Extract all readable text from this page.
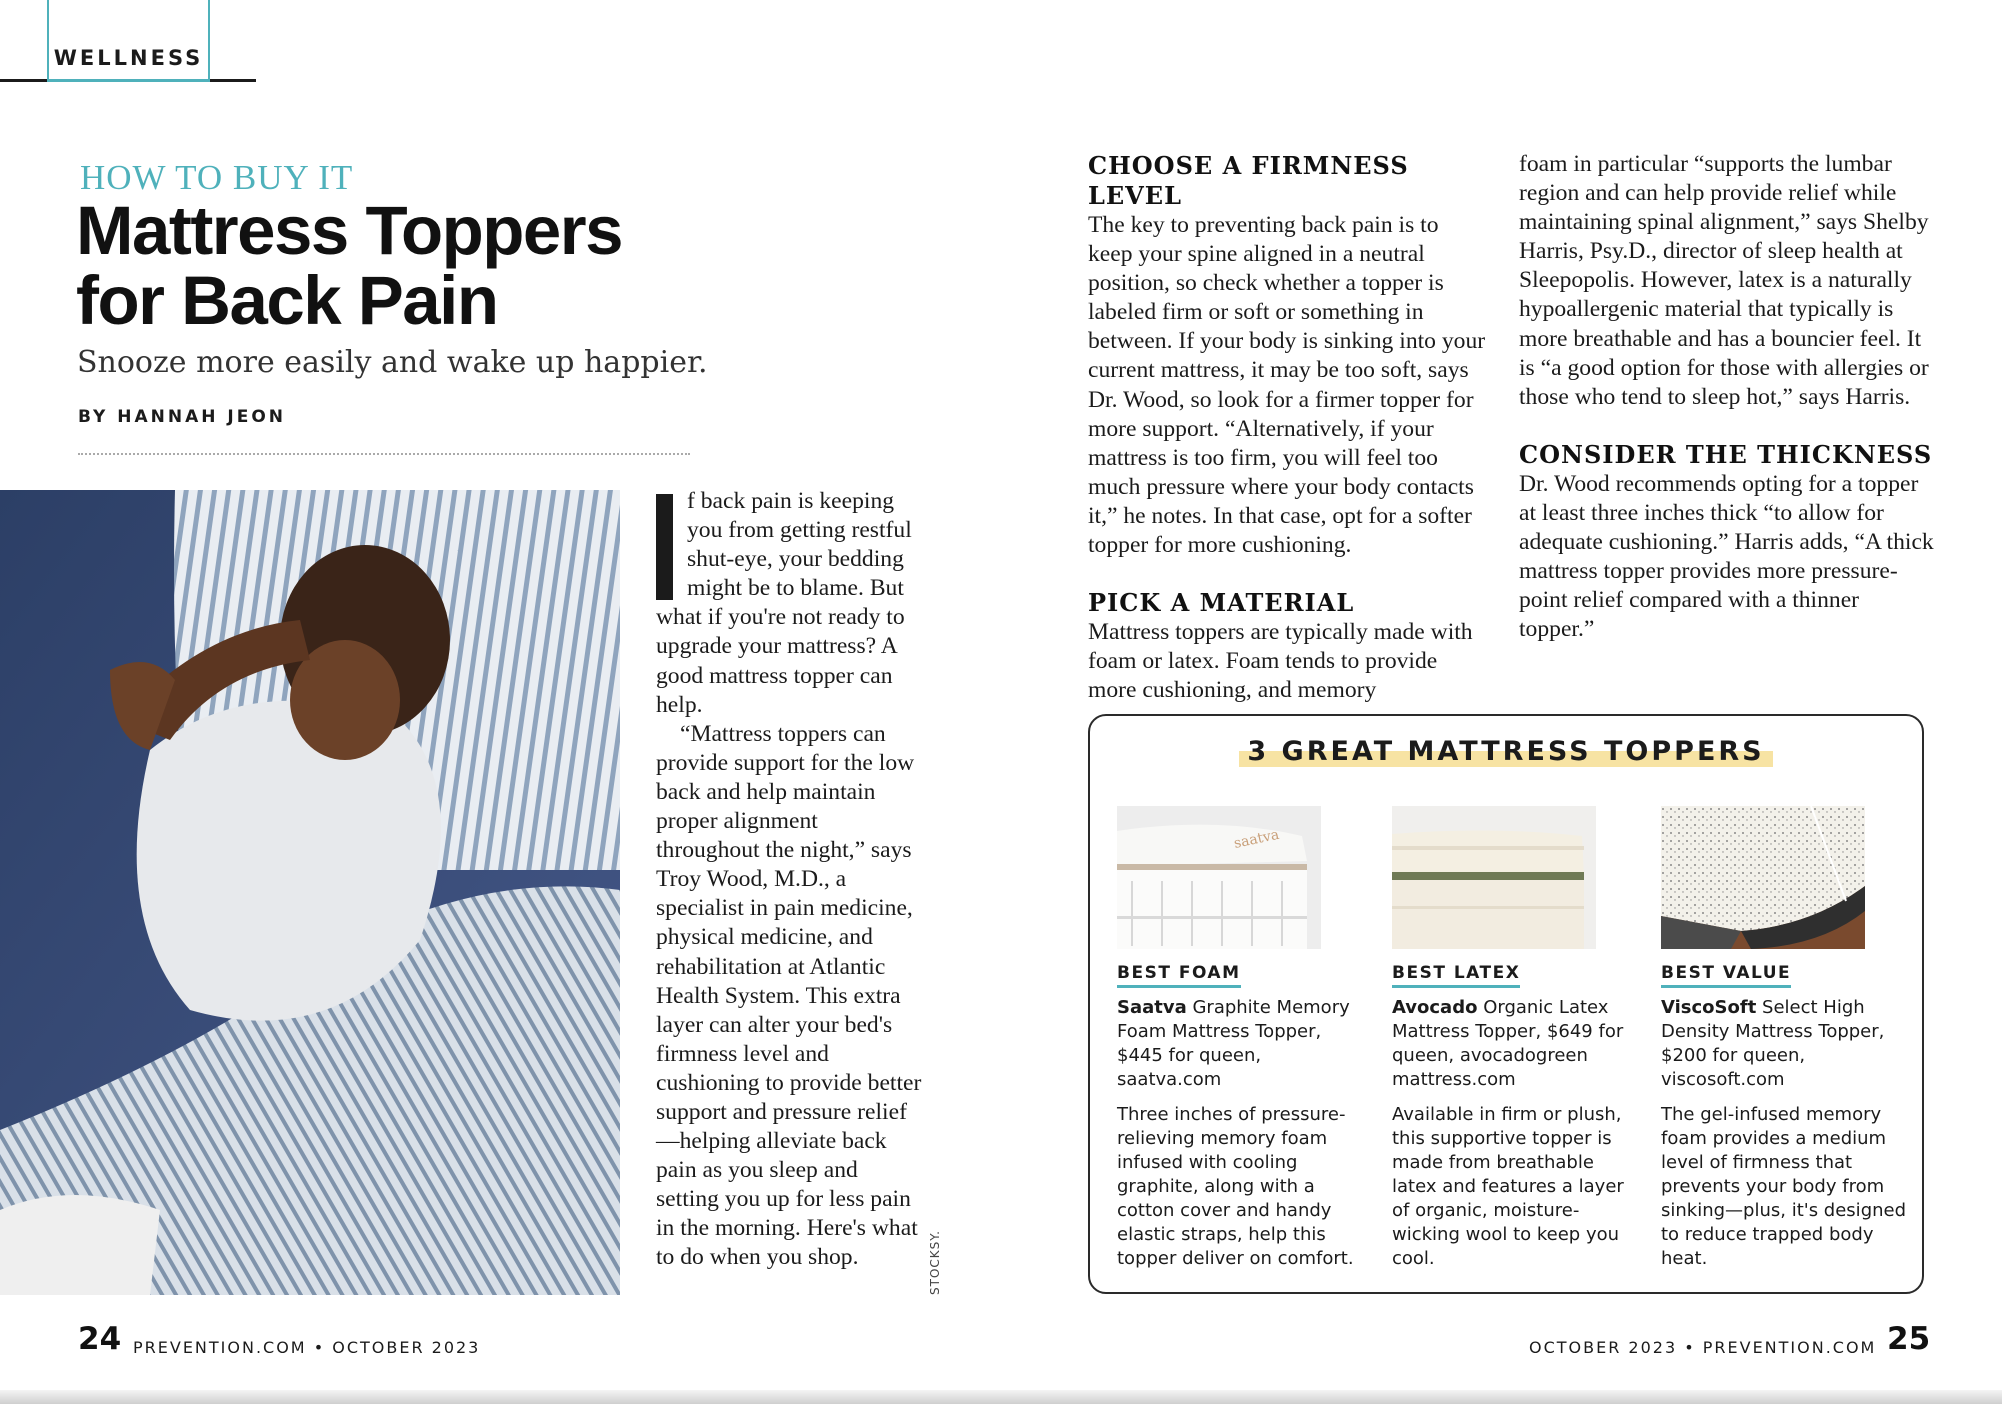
WELLNESS
HOW TO BUY IT
Mattress Toppers for Back Pain
Snooze more easily and wake up happier.
BY HANNAH JEON
STOCKSY.

f back pain is keeping you from getting restful shut-eye, your bedding might be to blame. But what if you're not ready to upgrade your mattress? A good mattress topper can help.

“Mattress toppers can provide support for the low back and help maintain proper alignment throughout the night,” says Troy Wood, M.D., a specialist in pain medicine, physical medicine, and rehabilitation at Atlantic Health System. This extra layer can alter your bed's firmness level and cushioning to provide better support and pressure relief—helping alleviate back pain as you sleep and setting you up for less pain in the morning. Here's what to do when you shop.

CHOOSE A FIRMNESS LEVEL

The key to preventing back pain is to keep your spine aligned in a neutral position, so check whether a topper is labeled firm or soft or something in between. If your body is sinking into your current mattress, it may be too soft, says Dr. Wood, so look for a firmer topper for more support. “Alternatively, if your mattress is too firm, you will feel too much pressure where your body contacts it,” he notes. In that case, opt for a softer topper for more cushioning.

PICK A MATERIAL

Mattress toppers are typically made with foam or latex. Foam tends to provide more cushioning, and memory

foam in particular “supports the lumbar region and can help provide relief while maintaining spinal alignment,” says Shelby Harris, Psy.D., director of sleep health at Sleepopolis. However, latex is a naturally hypoallergenic material that typically is more breathable and has a bouncier feel. It is “a good option for those with allergies or those who tend to sleep hot,” says Harris.

CONSIDER THE THICKNESS

Dr. Wood recommends opting for a topper at least three inches thick “to allow for adequate cushioning.” Harris adds, “A thick mattress topper provides more pressure-point relief compared with a thinner topper.”

3 GREAT MATTRESS TOPPERS
saatva
BEST FOAM
Saatva Graphite Memory Foam Mattress Topper, $445 for queen, saatva.com
Three inches of pressure-relieving memory foam infused with cooling graphite, along with a cotton cover and handy elastic straps, help this topper deliver on comfort.
BEST LATEX
Avocado Organic Latex Mattress Topper, $649 for queen, avocadogreen mattress.com
Available in firm or plush, this supportive topper is made from breathable latex and features a layer of organic, moisture-wicking wool to keep you cool.
BEST VALUE
ViscoSoft Select High Density Mattress Topper, $200 for queen, viscosoft.com
The gel-infused memory foam provides a medium level of firmness that prevents your body from sinking—plus, it's designed to reduce trapped body heat.
24 PREVENTION.COM • OCTOBER 2023	OCTOBER 2023 • PREVENTION.COM 25
